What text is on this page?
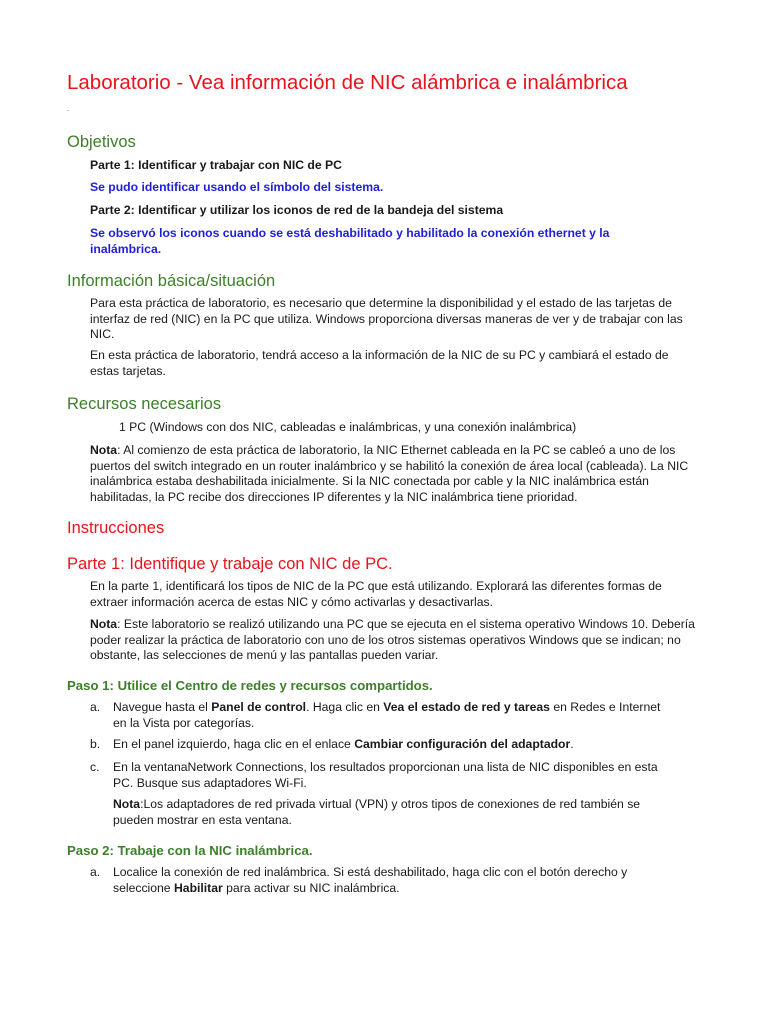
Laboratorio - Vea información de NIC alámbrica e inalámbrica
.
Objetivos
Parte 1: Identificar y trabajar con NIC de PC
Se pudo identificar usando el símbolo del sistema.
Parte 2: Identificar y utilizar los iconos de red de la bandeja del sistema
Se observó los iconos cuando se está deshabilitado y habilitado la conexión ethernet y la inalámbrica.
Información básica/situación
Para esta práctica de laboratorio, es necesario que determine la disponibilidad y el estado de las tarjetas de interfaz de red (NIC) en la PC que utiliza. Windows proporciona diversas maneras de ver y de trabajar con las NIC.
En esta práctica de laboratorio, tendrá acceso a la información de la NIC de su PC y cambiará el estado de estas tarjetas.
Recursos necesarios
1 PC (Windows con dos NIC, cableadas e inalámbricas, y una conexión inalámbrica)
Nota: Al comienzo de esta práctica de laboratorio, la NIC Ethernet cableada en la PC se cableó a uno de los puertos del switch integrado en un router inalámbrico y se habilitó la conexión de área local (cableada). La NIC inalámbrica estaba deshabilitada inicialmente. Si la NIC conectada por cable y la NIC inalámbrica están habilitadas, la PC recibe dos direcciones IP diferentes y la NIC inalámbrica tiene prioridad.
Instrucciones
Parte 1: Identifique y trabaje con NIC de PC.
En la parte 1, identificará los tipos de NIC de la PC que está utilizando. Explorará las diferentes formas de extraer información acerca de estas NIC y cómo activarlas y desactivarlas.
Nota: Este laboratorio se realizó utilizando una PC que se ejecuta en el sistema operativo Windows 10. Debería poder realizar la práctica de laboratorio con uno de los otros sistemas operativos Windows que se indican; no obstante, las selecciones de menú y las pantallas pueden variar.
Paso 1: Utilice el Centro de redes y recursos compartidos.
a. Navegue hasta el Panel de control. Haga clic en Vea el estado de red y tareas en Redes e Internet en la Vista por categorías.
b. En el panel izquierdo, haga clic en el enlace Cambiar configuración del adaptador.
c. En la ventanaNetwork Connections, los resultados proporcionan una lista de NIC disponibles en esta PC. Busque sus adaptadores Wi-Fi.
Nota:Los adaptadores de red privada virtual (VPN) y otros tipos de conexiones de red también se pueden mostrar en esta ventana.
Paso 2: Trabaje con la NIC inalámbrica.
a. Localice la conexión de red inalámbrica. Si está deshabilitado, haga clic con el botón derecho y seleccione Habilitar para activar su NIC inalámbrica.
